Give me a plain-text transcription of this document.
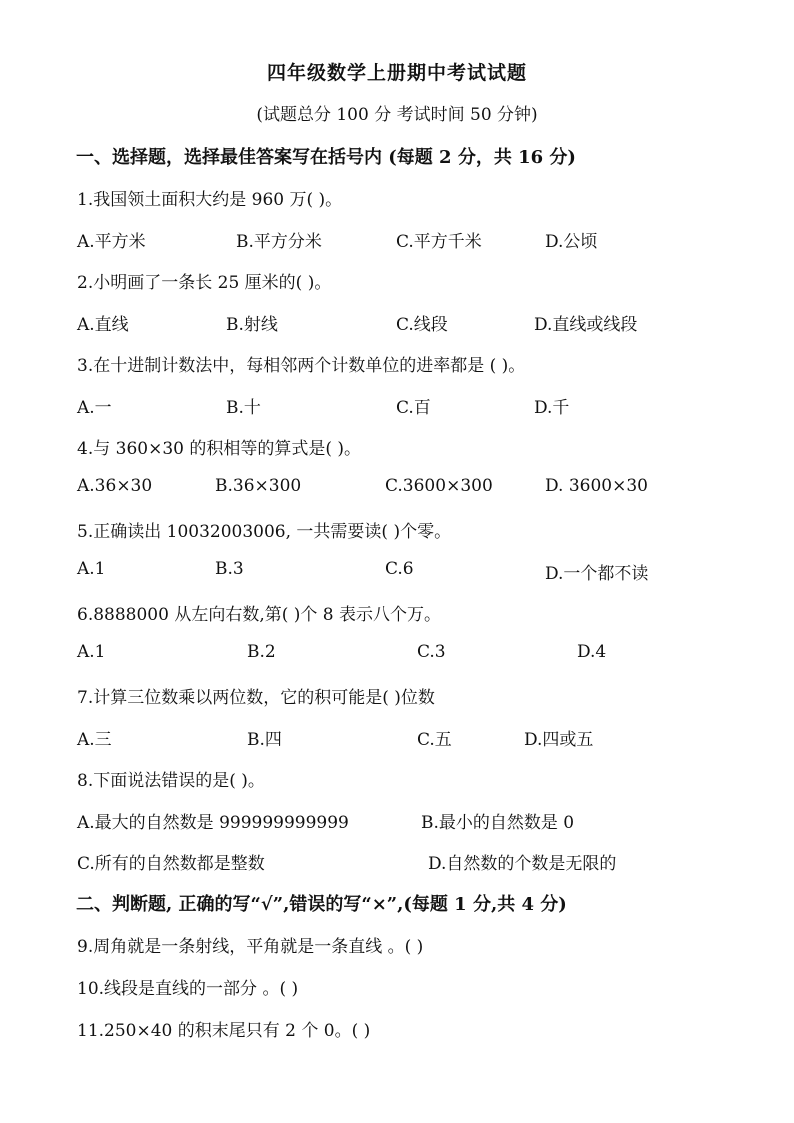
四年级数学上册期中考试试题
(试题总分 100 分 考试时间 50 分钟)
一、选择题，选择最佳答案写在括号内 (每题 2 分，共 16 分)
1.我国领土面积大约是 960 万( )。
A.平方米	B.平方分米	C.平方千米	D.公顷
2.小明画了一条长 25 厘米的( )。
A.直线	B.射线	C.线段	D.直线或线段
3.在十进制计数法中，每相邻两个计数单位的进率都是 ( )。
A.一	B.十	C.百	D.千
4.与 360×30 的积相等的算式是( )。
A.36×30	B.36×300	C.3600×300	D. 3600×30
5.正确读出 10032003006, 一共需要读( )个零。
A.1	B.3	C.6	D.一个都不读
6.8888000 从左向右数,第( )个 8 表示八个万。
A.1	B.2	C.3	D.4
7.计算三位数乘以两位数，它的积可能是( )位数
A.三	B.四	C.五	D.四或五
8.下面说法错误的是( )。
A.最大的自然数是 999999999999	B.最小的自然数是 0
C.所有的自然数都是整数	D.自然数的个数是无限的
二、判断题, 正确的写“√”,错误的写“×”,(每题 1 分,共 4 分)
9.周角就是一条射线，平角就是一条直线 。( )
10.线段是直线的一部分 。( )
11.250×40 的积末尾只有 2 个 0。( )
